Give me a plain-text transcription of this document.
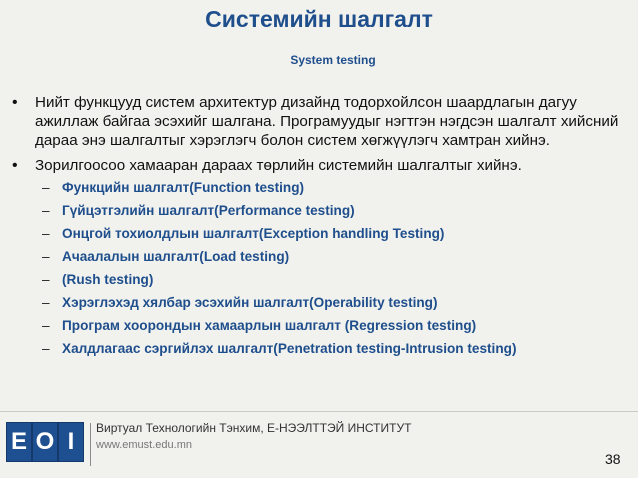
Системийн шалгалт
System testing
• Нийт функцууд систем архитектур дизайнд тодорхойлсон шаардлагын дагуу ажиллаж байгаа эсэхийг шалгана. Програмуудыг нэгтгэн нэгдсэн шалгалт хийсний дараа энэ шалгалтыг хэрэглэгч болон систем хөгжүүлэгч хамтран хийнэ.
• Зорилгоосоо хамааран дараах төрлийн системийн шалгалтыг хийнэ.
– Функцийн шалгалт(Function testing)
– Гүйцэтгэлийн шалгалт(Performance testing)
– Онцгой тохиолдлын шалгалт(Exception handling Testing)
– Ачаалалын шалгалт(Load testing)
– (Rush testing)
– Хэрэглэхэд хялбар эсэхийн шалгалт(Operability testing)
– Програм хоорондын хамаарлын шалгалт (Regression testing)
– Халдлагаас сэргийлэх шалгалт(Penetration testing-Intrusion testing)
E O I	Виртуал Технологийн Тэнхим, Е-НЭЭЛТТЭЙ ИНСТИТУТ
www.emust.edu.mn
38
